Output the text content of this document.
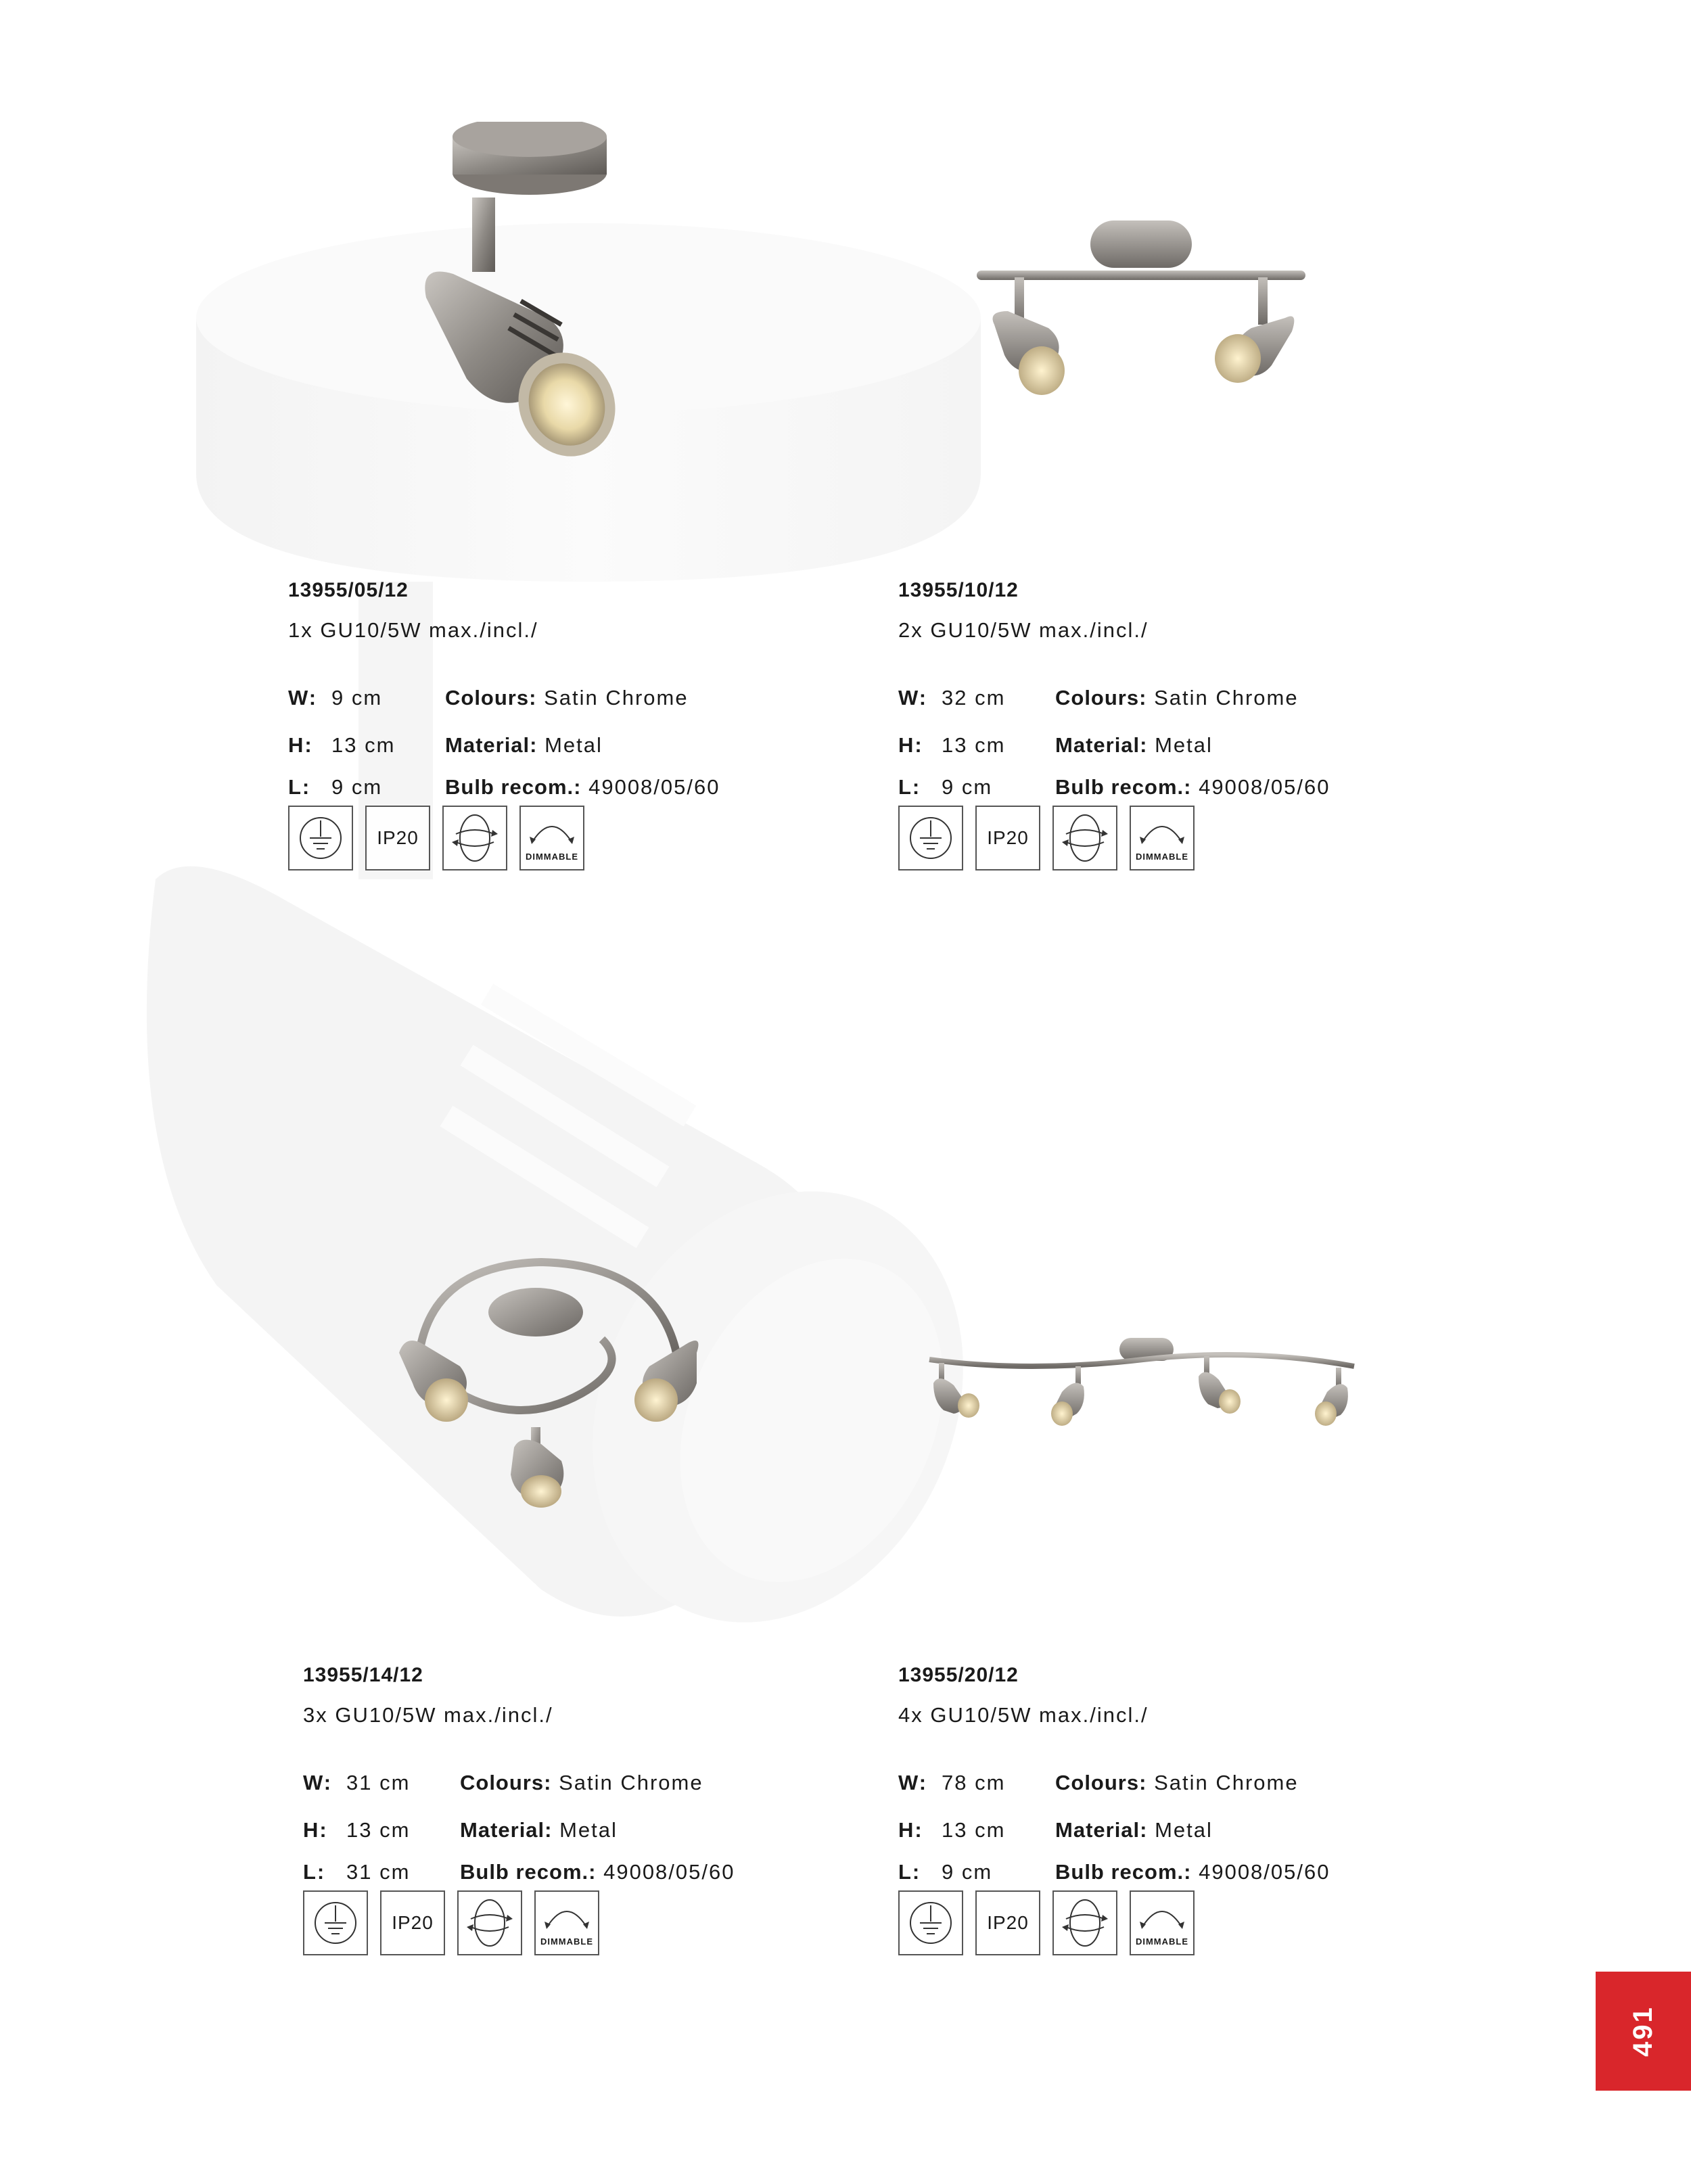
13955/05/12
1x GU10/5W max./incl./
W: 9 cm
H: 13 cm
L: 9 cm
Colours: Satin Chrome
Material: Metal
Bulb recom.: 49008/05/60
IP20
DIMMABLE
13955/10/12
2x GU10/5W max./incl./
W: 32 cm
H: 13 cm
L: 9 cm
Colours: Satin Chrome
Material: Metal
Bulb recom.: 49008/05/60
IP20
DIMMABLE
13955/14/12
3x GU10/5W max./incl./
W: 31 cm
H: 13 cm
L: 31 cm
Colours: Satin Chrome
Material: Metal
Bulb recom.: 49008/05/60
IP20
DIMMABLE
13955/20/12
4x GU10/5W max./incl./
W: 78 cm
H: 13 cm
L: 9 cm
Colours: Satin Chrome
Material: Metal
Bulb recom.: 49008/05/60
IP20
DIMMABLE
491
